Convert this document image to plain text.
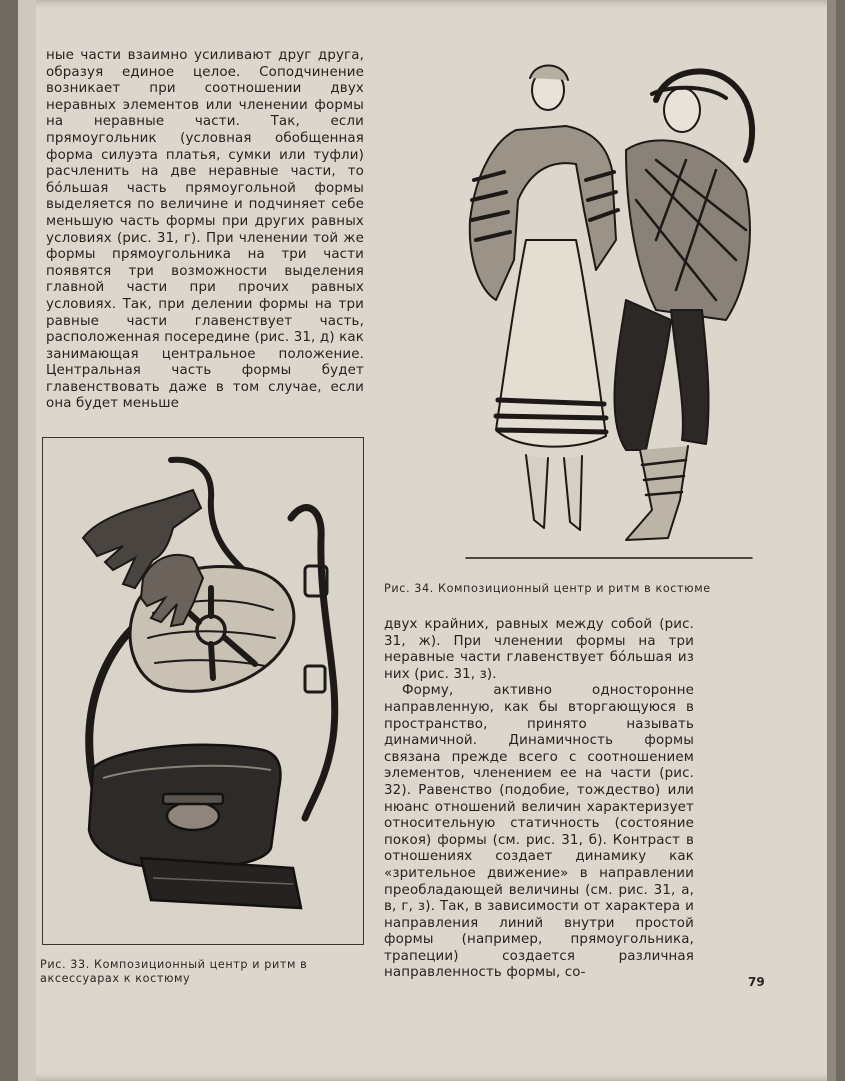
ные части взаимно усиливают друг друга, образуя единое целое. Соподчинение возникает при соотношении двух неравных элементов или членении формы на неравные части. Так, если прямоугольник (условная обобщенная форма силуэта платья, сумки или туфли) расчленить на две неравные части, то бо́льшая часть прямоугольной формы выделяется по величине и подчиняет себе меньшую часть формы при других равных условиях (рис. 31, г). При членении той же формы прямоугольника на три части появятся три возможности выделения главной части при прочих равных условиях. Так, при делении формы на три равные части главенствует часть, расположенная посередине (рис. 31, д) как занимающая центральное положение. Центральная часть формы будет главенствовать даже в том случае, если она будет меньше

Рис. 33. Композиционный центр и ритм в аксессуарах к костюму
Рис. 34. Композиционный центр и ритм в костюме

двух крайних, равных между собой (рис. 31, ж). При членении формы на три неравные части главенствует бо́льшая из них (рис. 31, з).

Форму, активно односторонне направленную, как бы вторгающуюся в пространство, принято называть динамичной. Динамичность формы связана прежде всего с соотношением элементов, членением ее на части (рис. 32). Равенство (подобие, тождество) или нюанс отношений величин характеризует относительную статичность (состояние покоя) формы (см. рис. 31, б). Контраст в отношениях создает динамику как «зрительное движение» в направлении преобладающей величины (см. рис. 31, а, в, г, з). Так, в зависимости от характера и направления линий внутри простой формы (например, прямоугольника, трапеции) создается различная направленность формы, со-

79
